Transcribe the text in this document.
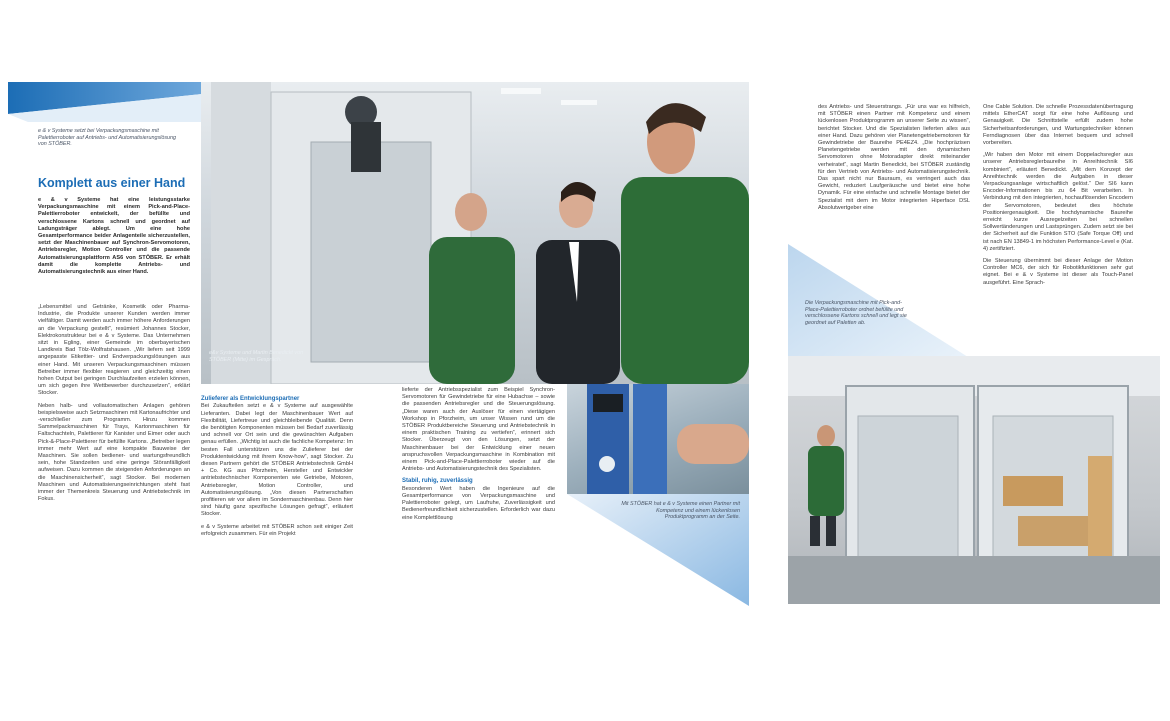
e & v Systeme setzt bei Verpackungsmaschine mit Palettierroboter auf Antriebs- und Automatisierungslösung von STÖBER.
Komplett aus einer Hand
e & v Systeme hat eine leistungsstarke Verpackungsmaschine mit einem Pick-and-Place-Palettierroboter entwickelt, der befüllte und verschlossene Kartons schnell und geordnet auf Ladungsträger ablegt. Um eine hohe Gesamtperformance beider Anlagenteile sicherzustellen, setzt der Maschinenbauer auf Synchron-Servomotoren, Antriebsregler, Motion Controller und die passende Automatisierungsplattform AS6 von STÖBER. Er erhält damit die komplette Antriebs- und Automatisierungstechnik aus einer Hand.

„Lebensmittel und Getränke, Kosmetik oder Pharma-Industrie, die Produkte unserer Kunden werden immer vielfältiger. Damit werden auch immer höhere Anforderungen an die Verpackung gestellt“, resümiert Johannes Stocker, Elektrokonstrukteur bei e & v Systeme. Das Unternehmen sitzt in Egling, einer Gemeinde im oberbayerischen Landkreis Bad Tölz-Wolfratshausen. „Wir liefern seit 1999 angepasste Etikettier- und Endverpackungslösungen aus einer Hand. Mit unseren Verpackungsmaschinen müssen Betreiber immer flexibler reagieren und gleichzeitig einen hohen Output bei geringen Durchlaufzeiten erzielen können, um sich gegen ihre Wettbewerber durchzusetzen“, erklärt Stocker.

Neben halb- und vollautomatischen Anlagen gehören beispielsweise auch Setzmaschinen mit Kartonaufrichter und -verschließer zum Programm. Hinzu kommen Sammelpackmaschinen für Trays, Kartonmaschinen für Faltschachteln, Palettierer für Kanister und Eimer oder auch Pick-&-Place-Palettierer für befüllte Kartons. „Betreiber legen immer mehr Wert auf eine kompakte Bauweise der Maschinen. Sie sollen bediener- und wartungsfreundlich sein, hohe Standzeiten und eine geringe Störanfälligkeit aufweisen. Dazu kommen die steigenden Anforderungen an die Maschinensicherheit“, sagt Stocker. Bei modernen Maschinen und Automatisierungseinrichtungen steht fast immer der Themenkreis Steuerung und Antriebstechnik im Fokus.

e&v Systeme und Martin Benedickt von STÖBER (Mitte) im Gespräch.
Zulieferer als Entwicklungspartner

Bei Zukaufteilen setzt e & v Systeme auf ausgewählte Lieferanten. Dabei legt der Maschinenbauer Wert auf Flexibilität, Liefertreue und gleichbleibende Qualität. Denn die benötigten Komponenten müssen bei Bedarf zuverlässig und schnell vor Ort sein und die gewünschten Aufgaben genau erfüllen. „Wichtig ist auch die fachliche Kompetenz: Im besten Fall unterstützen uns die Zulieferer bei der Produktentwicklung mit ihrem Know-how“, sagt Stocker. Zu diesen Partnern gehört die STÖBER Antriebstechnik GmbH + Co. KG aus Pforzheim, Hersteller und Entwickler antriebstechnischer Komponenten wie Getriebe, Motoren, Antriebsregler, Motion Controller, und Automatisierungslösung. „Von diesen Partnerschaften profitieren wir vor allem im Sondermaschinenbau. Denn hier sind häufig ganz spezifische Lösungen gefragt“, erläutert Stocker.

e & v Systeme arbeitet mit STÖBER schon seit einiger Zeit erfolgreich zusammen. Für ein Projekt

lieferte der Antriebsspezialist zum Beispiel Synchron-Servomotoren für Gewindetriebe für eine Hubachse – sowie die passenden Antriebsregler und die Steuerungslösung. „Diese waren auch der Auslöser für einen viertägigen Workshop in Pforzheim, um unser Wissen rund um die STÖBER Produktbereiche Steuerung und Antriebstechnik in einem praktischen Training zu vertiefen“, erinnert sich Stocker. Überzeugt von den Lösungen, setzt der Maschinenbauer bei der Entwicklung einer neuen anspruchsvollen Verpackungsmaschine in Kombination mit einem Pick-and-Place-Palettierroboter wieder auf die Antriebs- und Automatisierungstechnik des Spezialisten.

Stabil, ruhig, zuverlässig

Besonderen Wert haben die Ingenieure auf die Gesamtperformance von Verpackungsmaschine und Palettierroboter gelegt, um Laufruhe, Zuverlässigkeit und Bedienerfreundlichkeit sicherzustellen. Erforderlich war dazu eine Komplettlösung

Mit STÖBER hat e & v Systeme einen Partner mit Kompetenz und einem lückenlosen Produktprogramm an der Seite.

des Antriebs- und Steuerstrangs. „Für uns war es hilfreich, mit STÖBER einen Partner mit Kompetenz und einem lückenlosen Produktprogramm an unserer Seite zu wissen“, berichtet Stocker. Und die Spezialisten lieferten alles aus einer Hand. Dazu gehören vier Planetengetriebemotoren für Gewindetriebe der Baureihe PE4EZ4. „Die hochpräzisen Planetengetriebe werden mit den dynamischen Servomotoren ohne Motoradapter direkt miteinander verheiratet“, sagt Martin Benedickt, bei STÖBER zuständig für den Vertrieb von Antriebs- und Automatisierungstechnik. Das spart nicht nur Bauraum, es verringert auch das Gewicht, reduziert Laufgeräusche und bietet eine hohe Dynamik. Für eine einfache und schnelle Montage bietet der Spezialist mit dem im Motor integrierten Hiperface DSL Absolutwertgeber eine

One Cable Solution. Die schnelle Prozessdatenübertragung mittels EtherCAT sorgt für eine hohe Auflösung und Genauigkeit. Die Schnittstelle erfüllt zudem hohe Sicherheitsanforderungen, und Wartungstechniker können Ferndiagnosen über das Internet bequem und schnell vorbereiten.

„Wir haben den Motor mit einem Doppelachsregler aus unserer Antriebsreglerbaureihe in Anreihtechnik SI6 kombiniert“, erläutert Benedickt. „Mit dem Konzept der Anreihtechnik werden die Aufgaben in dieser Verpackungsanlage wirtschaftlich gelöst.“ Der SI6 kann Encoder-Informationen bis zu 64 Bit verarbeiten. In Verbindung mit den integrierten, hochauflösenden Encodern der Servomotoren, bedeutet dies höchste Positioniergenauigkeit. Die hochdynamische Baureihe erreicht kurze Ausregelzeiten bei schnellen Sollwertänderungen und Lastsprüngen. Zudem setzt sie bei der Sicherheit auf die Funktion STO (Safe Torque Off) und ist nach EN 13849-1 im höchsten Performance-Level e (Kat. 4) zertifiziert.

Die Steuerung übernimmt bei dieser Anlage der Motion Controller MC6, der sich für Robotikfunktionen sehr gut eignet. Bei e & v Systeme ist dieser als Touch-Panel ausgeführt. Eine Sprach-

Die Verpackungsmaschine mit Pick-and-Place-Palettierroboter ordnet befüllte und verschlossene Kartons schnell und legt sie geordnet auf Paletten ab.
